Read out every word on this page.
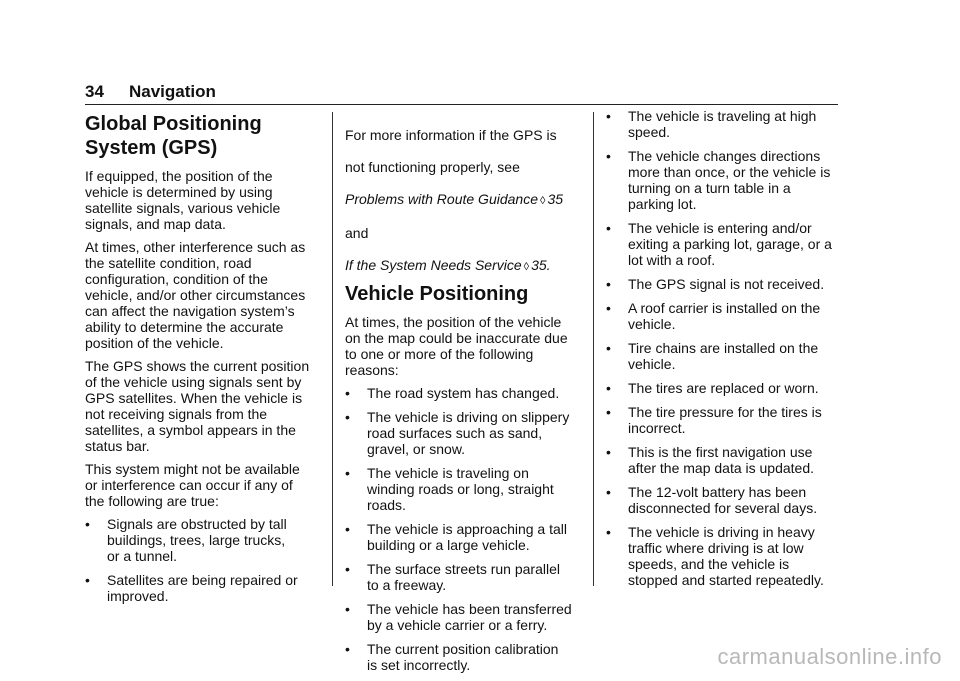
34 Navigation
Global Positioning
System (GPS)

If equipped, the position of the
vehicle is determined by using
satellite signals, various vehicle
signals, and map data.

At times, other interference such as
the satellite condition, road
configuration, condition of the
vehicle, and/or other circumstances
can affect the navigation system’s
ability to determine the accurate
position of the vehicle.

The GPS shows the current position
of the vehicle using signals sent by
GPS satellites. When the vehicle is
not receiving signals from the
satellites, a symbol appears in the
status bar.

This system might not be available
or interference can occur if any of
the following are true:

• Signals are obstructed by tall
buildings, trees, large trucks,
or a tunnel.
• Satellites are being repaired or
improved.

For more information if the GPS is

not functioning properly, see

Problems with Route Guidance ◊ 35

and

If the System Needs Service ◊ 35.

Vehicle Positioning

At times, the position of the vehicle
on the map could be inaccurate due
to one or more of the following
reasons:

• The road system has changed.
• The vehicle is driving on slippery
road surfaces such as sand,
gravel, or snow.
• The vehicle is traveling on
winding roads or long, straight
roads.
• The vehicle is approaching a tall
building or a large vehicle.
• The surface streets run parallel
to a freeway.
• The vehicle has been transferred
by a vehicle carrier or a ferry.
• The current position calibration
is set incorrectly.
• The vehicle is traveling at high
speed.
• The vehicle changes directions
more than once, or the vehicle is
turning on a turn table in a
parking lot.
• The vehicle is entering and/or
exiting a parking lot, garage, or a
lot with a roof.
• The GPS signal is not received.
• A roof carrier is installed on the
vehicle.
• Tire chains are installed on the
vehicle.
• The tires are replaced or worn.
• The tire pressure for the tires is
incorrect.
• This is the first navigation use
after the map data is updated.
• The 12-volt battery has been
disconnected for several days.
• The vehicle is driving in heavy
traffic where driving is at low
speeds, and the vehicle is
stopped and started repeatedly.
carmanualsonline.info
